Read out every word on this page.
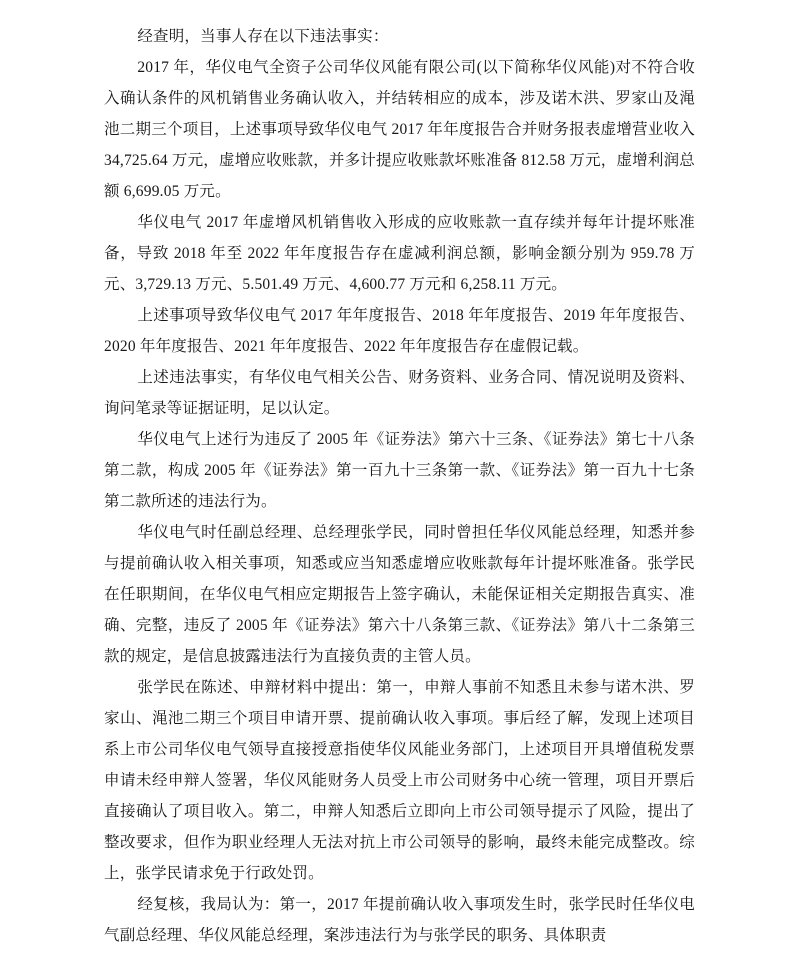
经查明，当事人存在以下违法事实：

2017 年，华仪电气全资子公司华仪风能有限公司(以下简称华仪风能)对不符合收入确认条件的风机销售业务确认收入，并结转相应的成本，涉及诺木洪、罗家山及渑池二期三个项目，上述事项导致华仪电气 2017 年年度报告合并财务报表虚增营业收入 34,725.64 万元，虚增应收账款，并多计提应收账款坏账准备 812.58 万元，虚增利润总额 6,699.05 万元。

华仪电气 2017 年虚增风机销售收入形成的应收账款一直存续并每年计提坏账准备，导致 2018 年至 2022 年年度报告存在虚减利润总额，影响金额分别为 959.78 万元、3,729.13 万元、5.501.49 万元、4,600.77 万元和 6,258.11 万元。

上述事项导致华仪电气 2017 年年度报告、2018 年年度报告、2019 年年度报告、2020 年年度报告、2021 年年度报告、2022 年年度报告存在虚假记载。

上述违法事实，有华仪电气相关公告、财务资料、业务合同、情况说明及资料、询问笔录等证据证明，足以认定。

华仪电气上述行为违反了 2005 年《证券法》第六十三条、《证券法》第七十八条第二款，构成 2005 年《证券法》第一百九十三条第一款、《证券法》第一百九十七条第二款所述的违法行为。

华仪电气时任副总经理、总经理张学民，同时曾担任华仪风能总经理，知悉并参与提前确认收入相关事项，知悉或应当知悉虚增应收账款每年计提坏账准备。张学民在任职期间，在华仪电气相应定期报告上签字确认，未能保证相关定期报告真实、准确、完整，违反了 2005 年《证券法》第六十八条第三款、《证券法》第八十二条第三款的规定，是信息披露违法行为直接负责的主管人员。

张学民在陈述、申辩材料中提出：第一，申辩人事前不知悉且未参与诺木洪、罗家山、渑池二期三个项目申请开票、提前确认收入事项。事后经了解，发现上述项目系上市公司华仪电气领导直接授意指使华仪风能业务部门，上述项目开具增值税发票申请未经申辩人签署，华仪风能财务人员受上市公司财务中心统一管理，项目开票后直接确认了项目收入。第二，申辩人知悉后立即向上市公司领导提示了风险，提出了整改要求，但作为职业经理人无法对抗上市公司领导的影响，最终未能完成整改。综上，张学民请求免于行政处罚。

经复核，我局认为：第一，2017 年提前确认收入事项发生时，张学民时任华仪电气副总经理、华仪风能总经理，案涉违法行为与张学民的职务、具体职责
